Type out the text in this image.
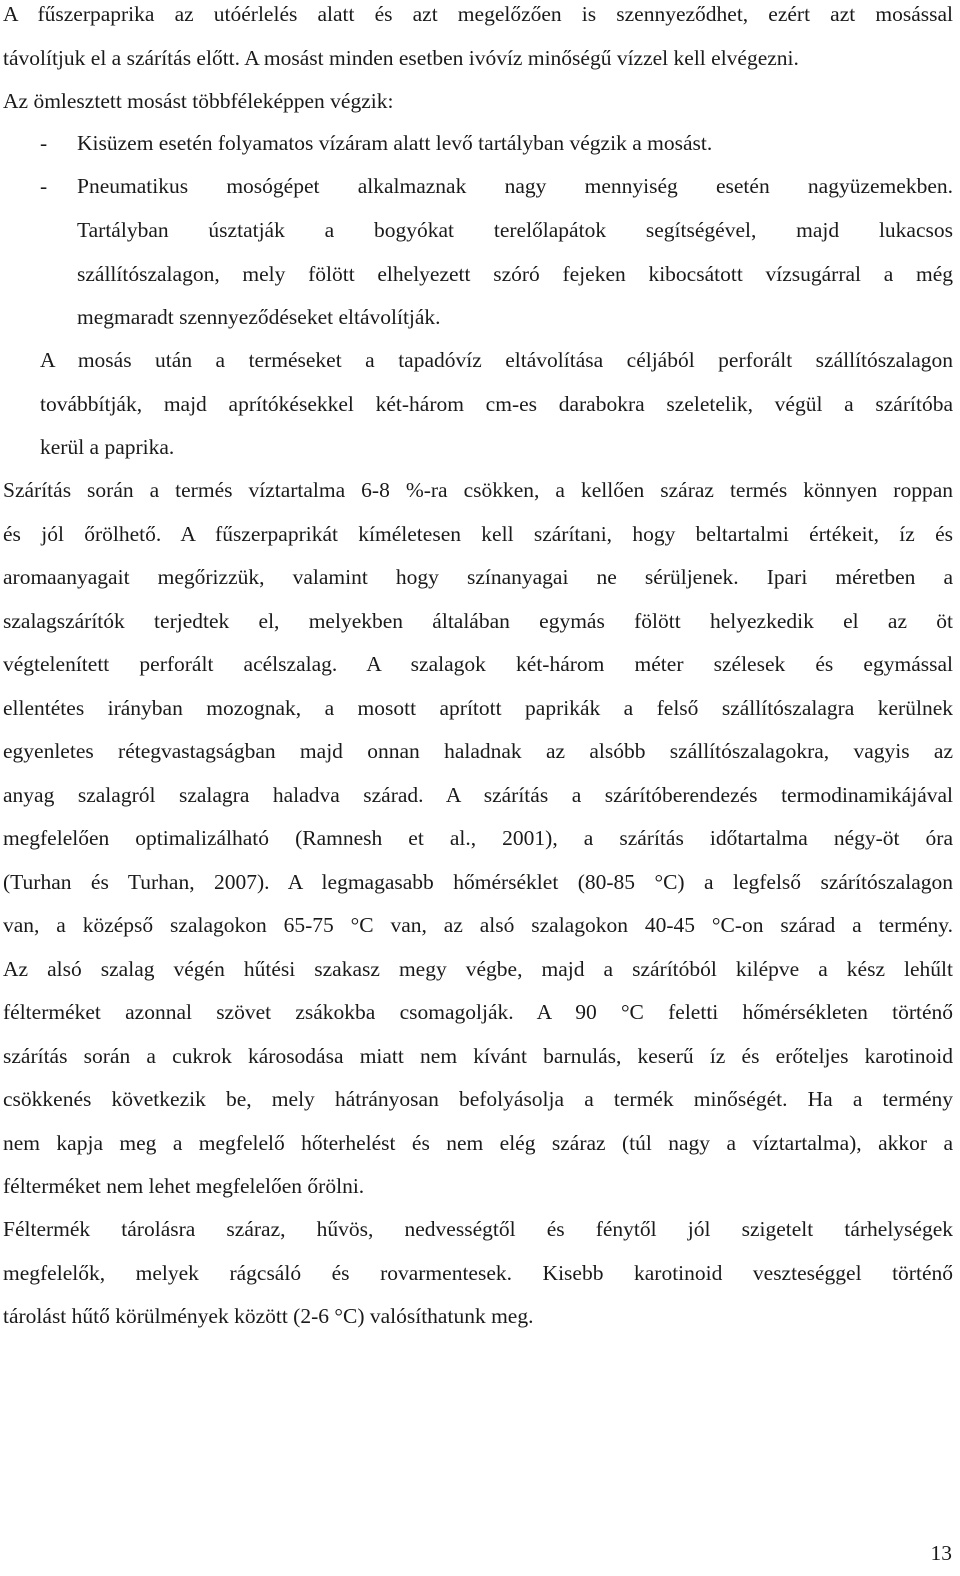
A fűszerpaprika az utóérlelés alatt és azt megelőzően is szennyeződhet, ezért azt mosással
távolítjuk el a szárítás előtt. A mosást minden esetben ivóvíz minőségű vízzel kell elvégezni.
Az ömlesztett mosást többféleképpen végzik:
- Kisüzem esetén folyamatos vízáram alatt levő tartályban végzik a mosást.
- Pneumatikus mosógépet alkalmaznak nagy mennyiség esetén nagyüzemekben.
Tartályban úsztatják a bogyókat terelőlapátok segítségével, majd lukacsos
szállítószalagon, mely fölött elhelyezett szóró fejeken kibocsátott vízsugárral a még
megmaradt szennyeződéseket eltávolítják.
A mosás után a terméseket a tapadóvíz eltávolítása céljából perforált szállítószalagon
továbbítják, majd aprítókésekkel két-három cm-es darabokra szeletelik, végül a szárítóba
kerül a paprika.
Szárítás során a termés víztartalma 6-8 %-ra csökken, a kellően száraz termés könnyen roppan
és jól őrölhető. A fűszerpaprikát kíméletesen kell szárítani, hogy beltartalmi értékeit, íz és
aromaanyagait megőrizzük, valamint hogy színanyagai ne sérüljenek. Ipari méretben a
szalagszárítók terjedtek el, melyekben általában egymás fölött helyezkedik el az öt
végtelenített perforált acélszalag. A szalagok két-három méter szélesek és egymással
ellentétes irányban mozognak, a mosott aprított paprikák a felső szállítószalagra kerülnek
egyenletes rétegvastagságban majd onnan haladnak az alsóbb szállítószalagokra, vagyis az
anyag szalagról szalagra haladva szárad. A szárítás a szárítóberendezés termodinamikájával
megfelelően optimalizálható (Ramnesh et al., 2001), a szárítás időtartalma négy-öt óra
(Turhan és Turhan, 2007). A legmagasabb hőmérséklet (80-85 °C) a legfelső szárítószalagon
van, a középső szalagokon 65-75 °C van, az alsó szalagokon 40-45 °C-on szárad a termény.
Az alsó szalag végén hűtési szakasz megy végbe, majd a szárítóból kilépve a kész lehűlt
félterméket azonnal szövet zsákokba csomagolják. A 90 °C feletti hőmérsékleten történő
szárítás során a cukrok károsodása miatt nem kívánt barnulás, keserű íz és erőteljes karotinoid
csökkenés következik be, mely hátrányosan befolyásolja a termék minőségét. Ha a termény
nem kapja meg a megfelelő hőterhelést és nem elég száraz (túl nagy a víztartalma), akkor a
félterméket nem lehet megfelelően őrölni.
Féltermék tárolásra száraz, hűvös, nedvességtől és fénytől jól szigetelt tárhelységek
megfelelők, melyek rágcsáló és rovarmentesek. Kisebb karotinoid veszteséggel történő
tárolást hűtő körülmények között (2-6 °C) valósíthatunk meg.
13
